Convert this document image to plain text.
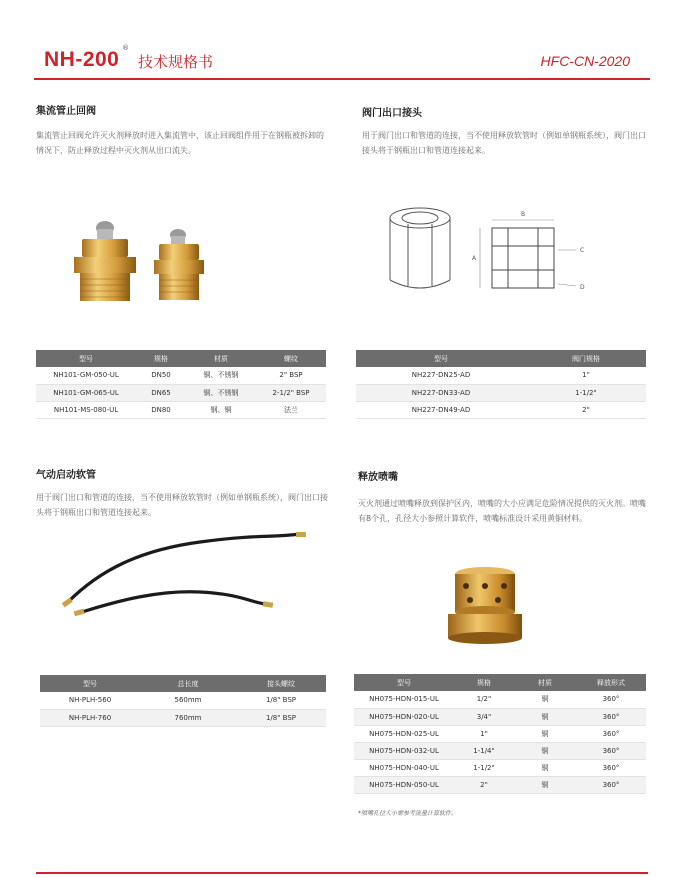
NH-200 ®
技术规格书	HFC-CN-2020
集流管止回阀
集流管止回阀允许灭火剂释放时进入集流管中，该止回阀组件用于在钢瓶被拆卸的情况下，防止释放过程中灭火剂从出口流失。
型号	规格	材质	螺纹
NH101-GM-050-UL	DN50	铜、不锈钢	2" BSP
NH101-GM-065-UL	DN65	铜、不锈钢	2-1/2" BSP
NH101-MS-080-UL	DN80	钢、铜	法兰
阀门出口接头
用于阀门出口和管道的连接，当不使用释放软管时（例如单钢瓶系统），阀门出口接头将于钢瓶出口和管道连接起来。
B
A
C
D
型号	阀门规格
NH227-DN25-AD	1"
NH227-DN33-AD	1-1/2"
NH227-DN49-AD	2"
气动启动软管
用于阀门出口和管道的连接，当不使用释放软管时（例如单钢瓶系统），阀门出口接头将于钢瓶出口和管道连接起来。
型号	总长度	接头螺纹
NH-PLH-560	560mm	1/8" BSP
NH-PLH-760	760mm	1/8" BSP
释放喷嘴
灭火剂通过喷嘴释放到保护区内，喷嘴的大小应满足危险情况提供的灭火剂。喷嘴有8个孔，孔径大小参照计算软件，喷嘴标准设计采用黄铜材料。
型号	规格	材质	释放形式
NH075-HDN-015-UL	1/2"	铜	360°
NH075-HDN-020-UL	3/4"	铜	360°
NH075-HDN-025-UL	1"	铜	360°
NH075-HDN-032-UL	1-1/4"	铜	360°
NH075-HDN-040-UL	1-1/2"	铜	360°
NH075-HDN-050-UL	2"	铜	360°
*喷嘴孔径大小需参考流量计算软件。
